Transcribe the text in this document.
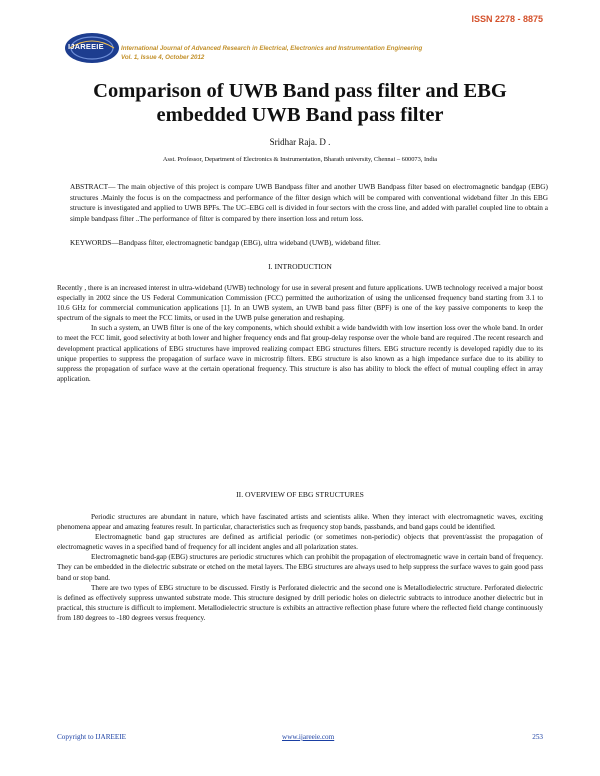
ISSN 2278 - 8875
IJAREEIE	International Journal of Advanced Research in Electrical, Electronics and Instrumentation Engineering
Vol. 1, Issue 4, October 2012
Comparison of UWB Band pass filter and EBG
embedded UWB Band pass filter
Sridhar Raja. D .
Asst. Professor, Department of Electronics & Instrumentation, Bharath university, Chennai – 600073, India
ABSTRACT— The main objective of this project is compare UWB Bandpass filter and another UWB Bandpass filter based on electromagnetic bandgap (EBG) structures .Mainly the focus is on the compactness and performance of the filter design which will be compared with conventional wideband filter .In this EBG structure is investigated and applied to UWB BPFs. The UC–EBG cell is divided in four sectors with the cross line, and added with parallel coupled line to obtain a simple bandpass filter ..The performance of filter is compared by there insertion loss and return loss.
KEYWORDS—Bandpass filter, electromagnetic bandgap (EBG), ultra wideband (UWB), wideband filter.
I. INTRODUCTION

Recently , there is an increased interest in ultra-wideband (UWB) technology for use in several present and future applications. UWB technology received a major boost especially in 2002 since the US Federal Communication Commission (FCC) permitted the authorization of using the unlicensed frequency band starting from 3.1 to 10.6 GHz for commercial communication applications [1]. In an UWB system, an UWB band pass filter (BPF) is one of the key passive components to keep the spectrum of the signals to meet the FCC limits, or used in the UWB pulse generation and reshaping.

In such a system, an UWB filter is one of the key components, which should exhibit a wide bandwidth with low insertion loss over the whole band. In order to meet the FCC limit, good selectivity at both lower and higher frequency ends and flat group-delay response over the whole band are required .The recent research and development practical applications of EBG structures have improved realizing compact EBG structures filters. EBG structure recently is developed rapidly due to its unique properties to suppress the propagation of surface wave in microstrip filters. EBG structure is also known as a high impedance surface due to its ability to suppress the propagation of surface wave at the certain operational frequency. This structure is also has ability to block the effect of mutual coupling effect in array application.

II. OVERVIEW OF EBG STRUCTURES

Periodic structures are abundant in nature, which have fascinated artists and scientists alike. When they interact with electromagnetic waves, exciting phenomena appear and amazing features result. In particular, characteristics such as frequency stop bands, passbands, and band gaps could be identified.

Electromagnetic band gap structures are defined as artificial periodic (or sometimes non-periodic) objects that prevent/assist the propagation of electromagnetic waves in a specified band of frequency for all incident angles and all polarization states.

Electromagnetic band-gap (EBG) structures are periodic structures which can prohibit the propagation of electromagnetic wave in certain band of frequency. They can be embedded in the dielectric substrate or etched on the metal layers. The EBG structures are always used to help suppress the surface waves to gain good pass band or stop band.

There are two types of EBG structure to be discussed. Firstly is Perforated dielectric and the second one is Metallodielectric structure. Perforated dielectric is defined as effectively suppress unwanted substrate mode. This structure designed by drill periodic holes on dielectric subtracts to introduce another dielectric but in practical, this structure is difficult to implement. Metallodielectric structure is exhibits an attractive reflection phase future where the reflected field change continuously from 180 degrees to -180 degrees versus frequency.

Copyright to IJAREEIE	www.ijareeie.com	253
